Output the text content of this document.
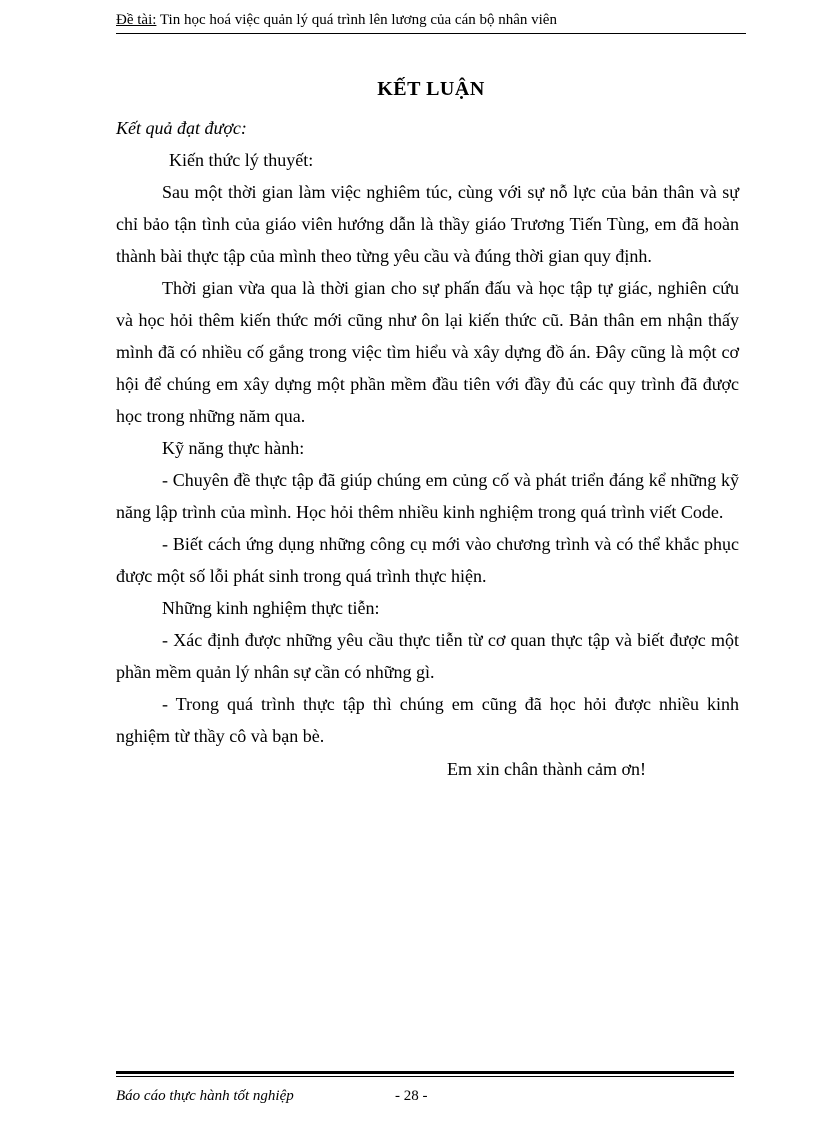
Đề tài: Tin học hoá việc quản lý quá trình lên lương của cán bộ nhân viên
KẾT LUẬN

Kết quả đạt được:

Kiến thức lý thuyết:

Sau một thời gian làm việc nghiêm túc, cùng với sự nỗ lực của bản thân và sự chỉ bảo tận tình của giáo viên hướng dẫn là thầy giáo Trương Tiến Tùng, em đã hoàn thành bài thực tập của mình theo từng yêu cầu và đúng thời gian quy định.

Thời gian vừa qua là thời gian cho sự phấn đấu và học tập tự giác, nghiên cứu và học hỏi thêm kiến thức mới cũng như ôn lại kiến thức cũ. Bản thân em nhận thấy mình đã có nhiều cố gắng trong việc tìm hiểu và xây dựng đồ án. Đây cũng là một cơ hội để chúng em xây dựng một phần mềm đầu tiên với đầy đủ các quy trình đã được học trong những năm qua.

Kỹ năng thực hành:

- Chuyên đề thực tập đã giúp chúng em củng cố và phát triển đáng kể những kỹ năng lập trình của mình. Học hỏi thêm nhiều kinh nghiệm trong quá trình viết Code.

- Biết cách ứng dụng những công cụ mới vào chương trình và có thể khắc phục được một số lỗi phát sinh trong quá trình thực hiện.

Những kinh nghiệm thực tiễn:

- Xác định được những yêu cầu thực tiễn từ cơ quan thực tập và biết được một phần mềm quản lý nhân sự cần có những gì.

- Trong quá trình thực tập thì chúng em cũng đã học hỏi được nhiều kinh nghiệm từ thầy cô và bạn bè.

Em xin chân thành cảm ơn!

Báo cáo thực hành tốt nghiệp	- 28 -
